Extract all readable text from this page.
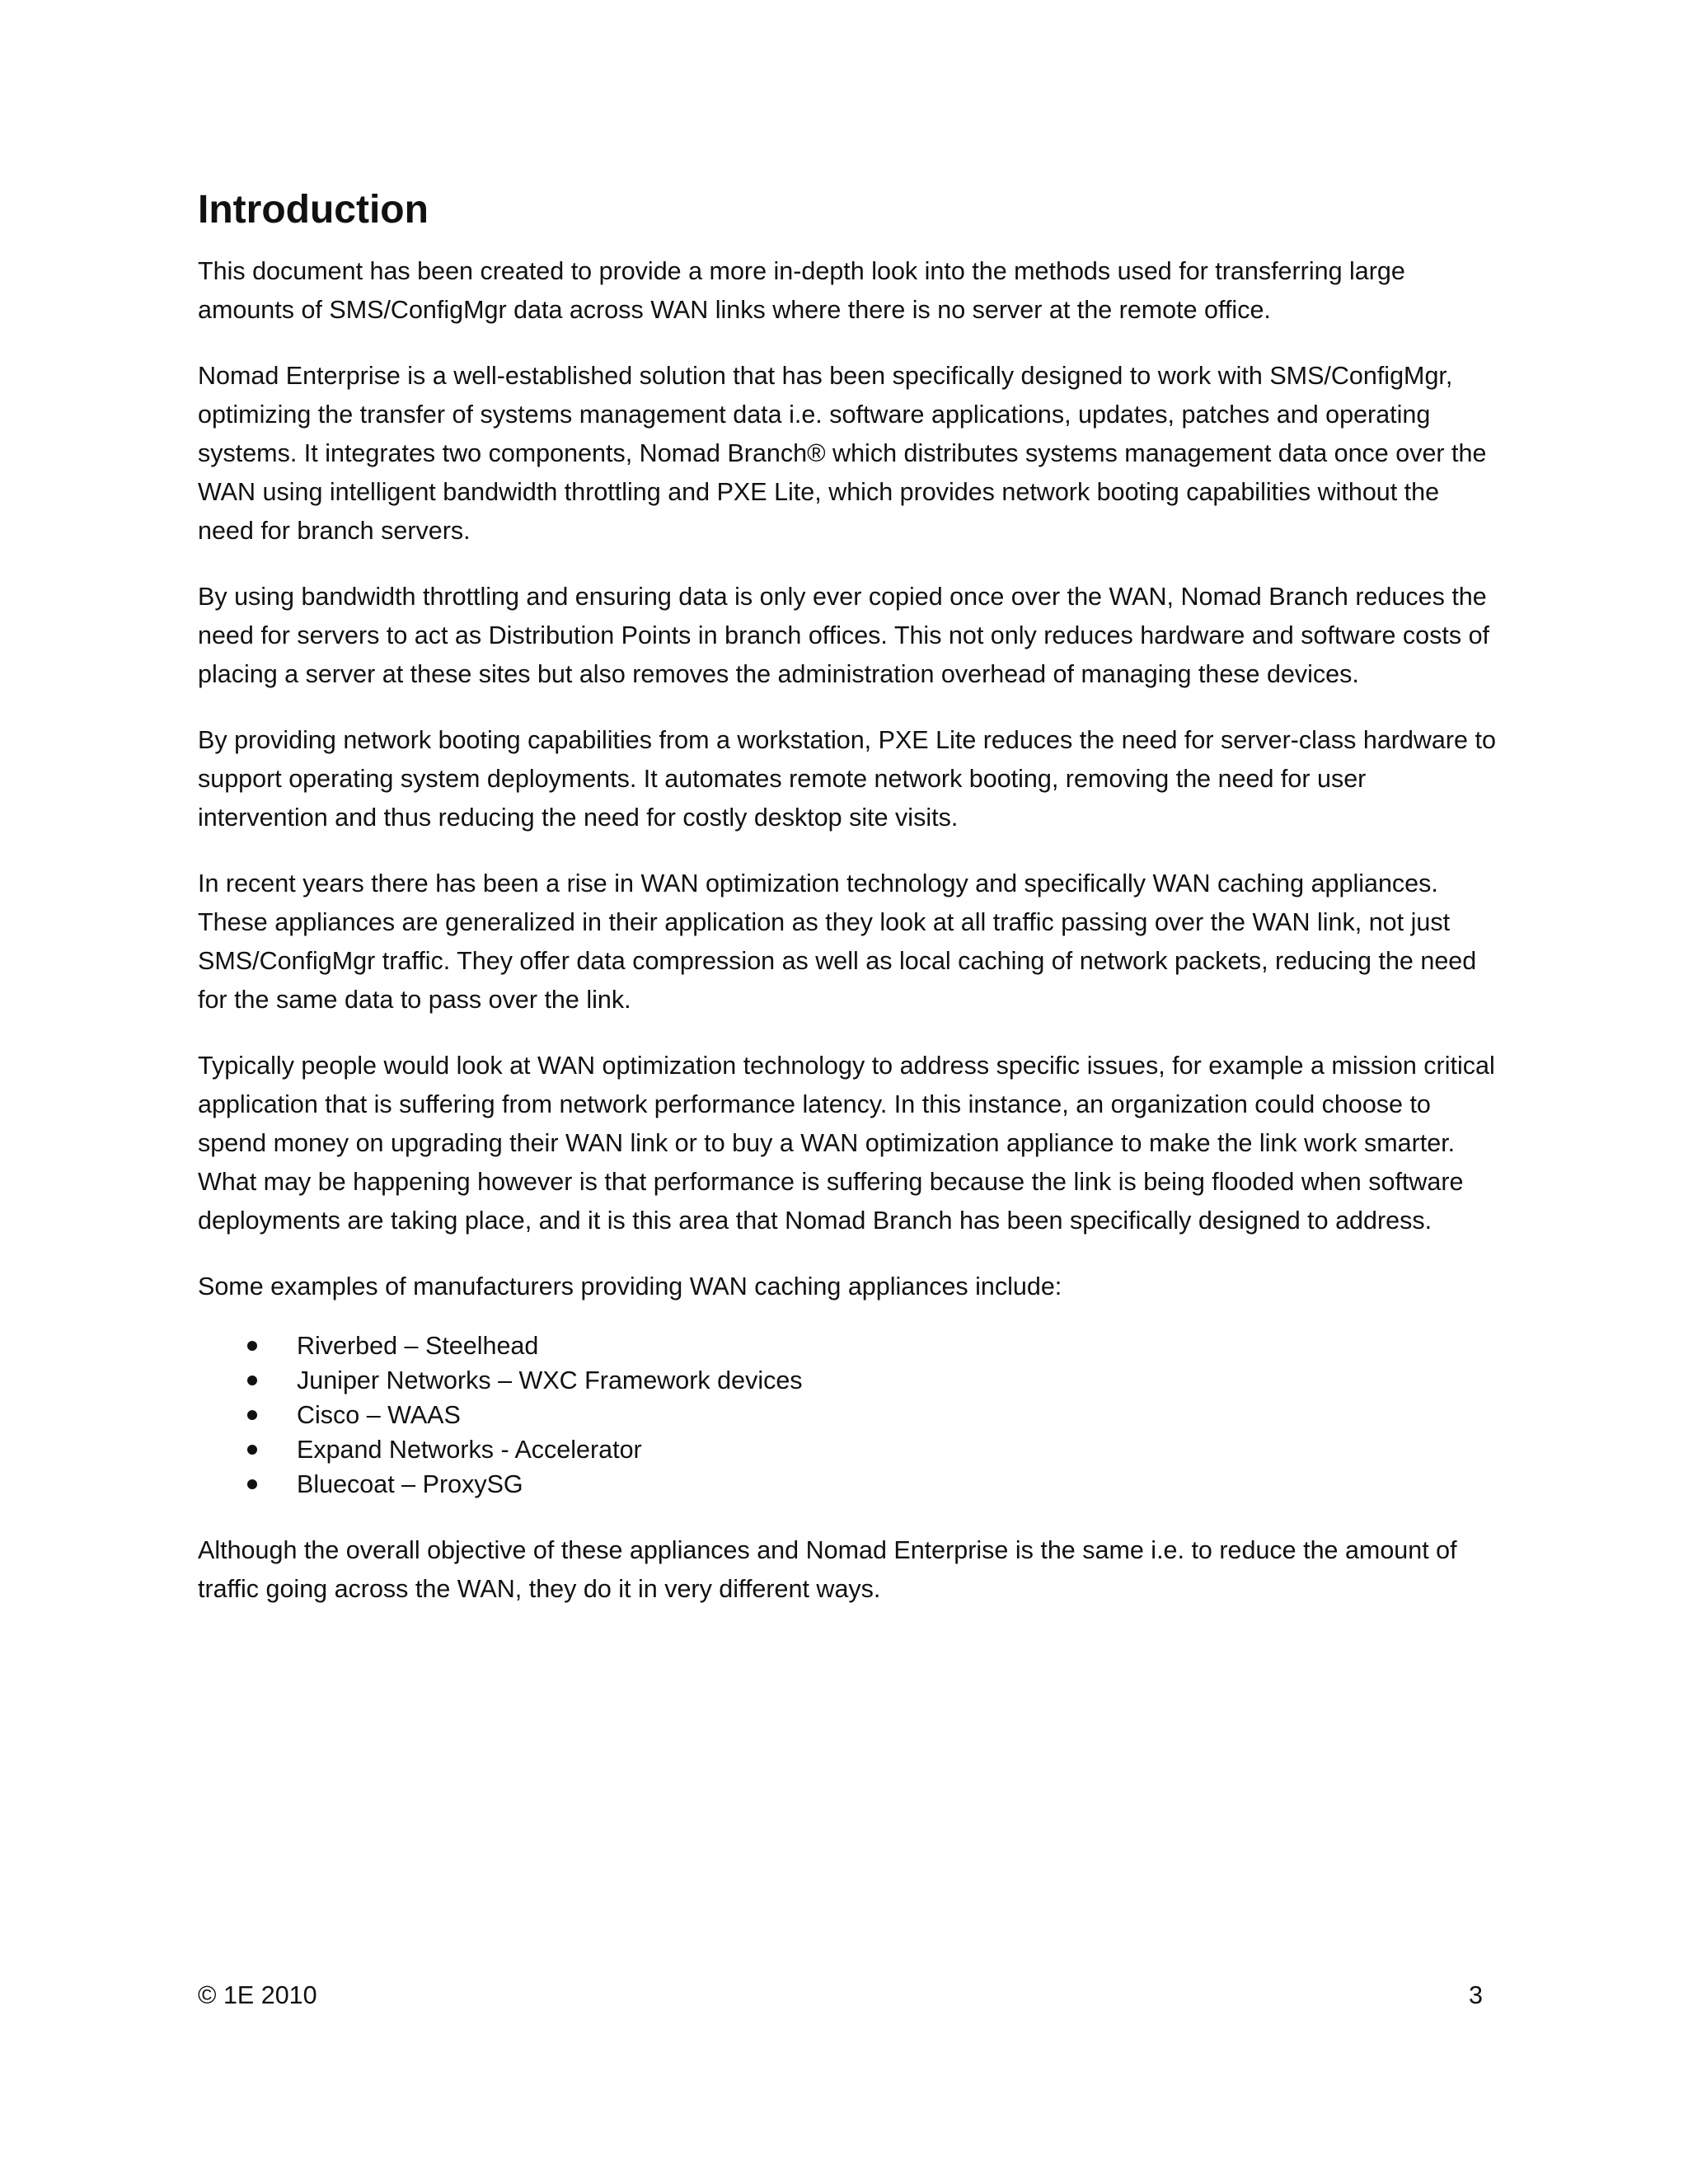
Introduction

This document has been created to provide a more in-depth look into the methods used for transferring large amounts of SMS/ConfigMgr data across WAN links where there is no server at the remote office.

Nomad Enterprise is a well-established solution that has been specifically designed to work with SMS/ConfigMgr, optimizing the transfer of systems management data i.e. software applications, updates, patches and operating systems. It integrates two components, Nomad Branch® which distributes systems management data once over the WAN using intelligent bandwidth throttling and PXE Lite, which provides network booting capabilities without the need for branch servers.

By using bandwidth throttling and ensuring data is only ever copied once over the WAN, Nomad Branch reduces the need for servers to act as Distribution Points in branch offices. This not only reduces hardware and software costs of placing a server at these sites but also removes the administration overhead of managing these devices.

By providing network booting capabilities from a workstation, PXE Lite reduces the need for server-class hardware to support operating system deployments. It automates remote network booting, removing the need for user intervention and thus reducing the need for costly desktop site visits.

In recent years there has been a rise in WAN optimization technology and specifically WAN caching appliances. These appliances are generalized in their application as they look at all traffic passing over the WAN link, not just SMS/ConfigMgr traffic. They offer data compression as well as local caching of network packets, reducing the need for the same data to pass over the link.

Typically people would look at WAN optimization technology to address specific issues, for example a mission critical application that is suffering from network performance latency. In this instance, an organization could choose to spend money on upgrading their WAN link or to buy a WAN optimization appliance to make the link work smarter. What may be happening however is that performance is suffering because the link is being flooded when software deployments are taking place, and it is this area that Nomad Branch has been specifically designed to address.

Some examples of manufacturers providing WAN caching appliances include:

Riverbed – Steelhead
Juniper Networks – WXC Framework devices
Cisco – WAAS
Expand Networks - Accelerator
Bluecoat – ProxySG

Although the overall objective of these appliances and Nomad Enterprise is the same i.e. to reduce the amount of traffic going across the WAN, they do it in very different ways.

© 1E 2010	3
